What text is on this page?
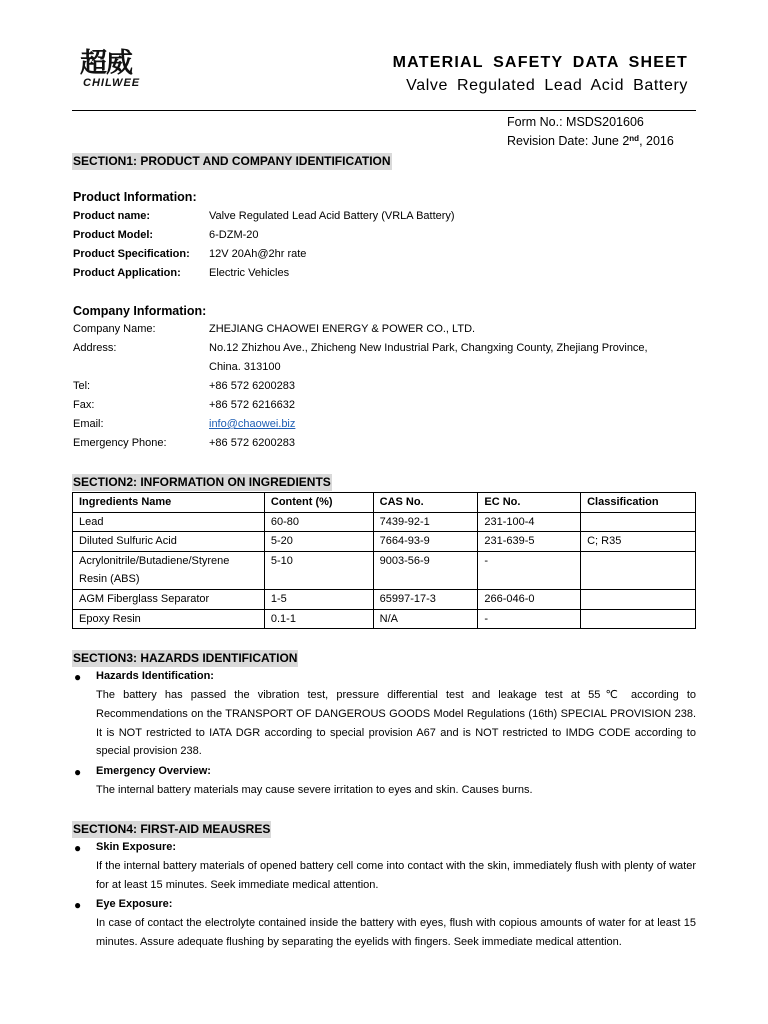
超威
CHILWEE
MATERIAL SAFETY DATA SHEET
Valve Regulated Lead Acid Battery
Form No.: MSDS201606
Revision Date: June 2nd, 2016
SECTION1: PRODUCT AND COMPANY IDENTIFICATION
Product Information:
Product name:	Valve Regulated Lead Acid Battery (VRLA Battery)
Product Model:	6-DZM-20
Product Specification: 12V 20Ah@2hr rate
Product Application:	Electric Vehicles
Company Information:
Company Name:	ZHEJIANG CHAOWEI ENERGY & POWER CO., LTD.
Address:	No.12 Zhizhou Ave., Zhicheng New Industrial Park, Changxing County, Zhejiang Province,
China. 313100
Tel:	+86 572 6200283
Fax:	+86 572 6216632
Email:	info@chaowei.biz
Emergency Phone:	+86 572 6200283
SECTION2: INFORMATION ON INGREDIENTS
Ingredients Name	Content (%)	CAS No.	EC No.	Classification
Lead	60-80	7439-92-1	231-100-4	
Diluted Sulfuric Acid	5-20	7664-93-9	231-639-5	C; R35
Acrylonitrile/Butadiene/Styrene Resin (ABS)	5-10	9003-56-9	-	
AGM Fiberglass Separator	1-5	65997-17-3	266-046-0	
Epoxy Resin	0.1-1	N/A	-	
SECTION3: HAZARDS IDENTIFICATION
● Hazards Identification:
The battery has passed the vibration test, pressure differential test and leakage test at 55℃ according to Recommendations on the TRANSPORT OF DANGEROUS GOODS Model Regulations (16th) SPECIAL PROVISION 238. It is NOT restricted to IATA DGR according to special provision A67 and is NOT restricted to IMDG CODE according to special provision 238.
● Emergency Overview:
The internal battery materials may cause severe irritation to eyes and skin. Causes burns.
SECTION4: FIRST-AID MEAUSRES
● Skin Exposure:
If the internal battery materials of opened battery cell come into contact with the skin, immediately flush with plenty of water for at least 15 minutes. Seek immediate medical attention.
● Eye Exposure:
In case of contact the electrolyte contained inside the battery with eyes, flush with copious amounts of water for at least 15 minutes. Assure adequate flushing by separating the eyelids with fingers. Seek immediate medical attention.
